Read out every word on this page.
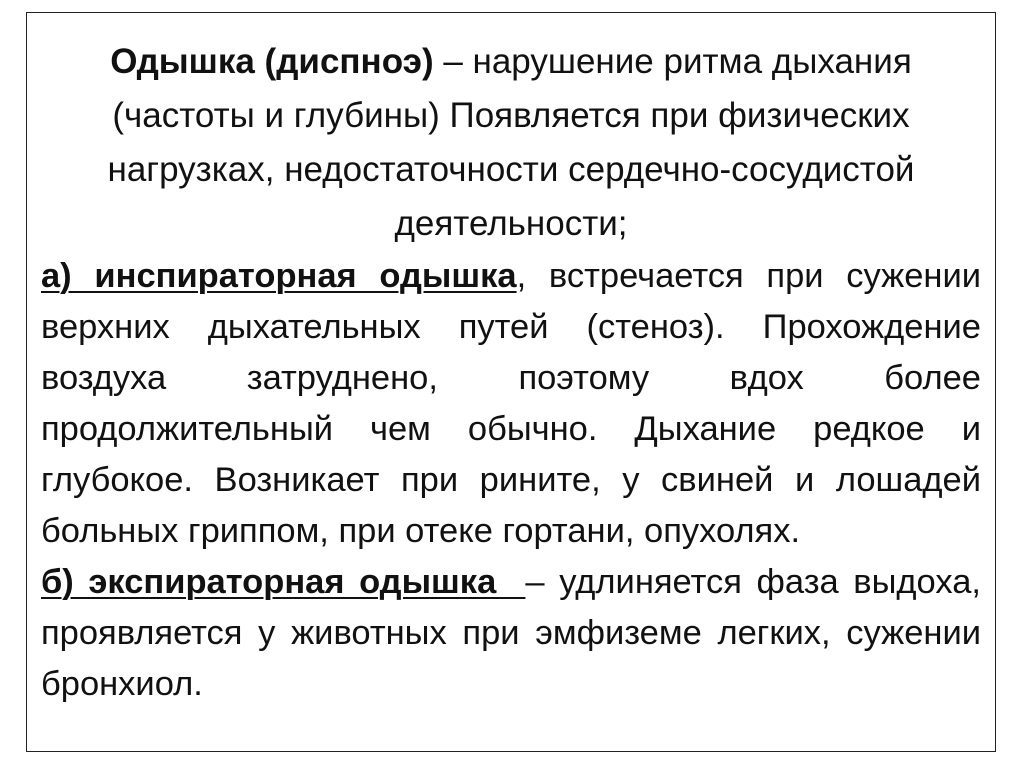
Одышка (диспноэ) – нарушение ритма дыхания (частоты и глубины) Появляется при физических нагрузках, недостаточности сердечно-сосудистой деятельности;

а) инспираторная одышка, встречается при сужении верхних дыхательных путей (стеноз). Прохождение воздуха затруднено, поэтому вдох более продолжительный чем обычно. Дыхание редкое и глубокое. Возникает при рините, у свиней и лошадей больных гриппом, при отеке гортани, опухолях.

б) экспираторная одышка  – удлиняется фаза выдоха, проявляется у животных при эмфиземе легких, сужении бронхиол.
